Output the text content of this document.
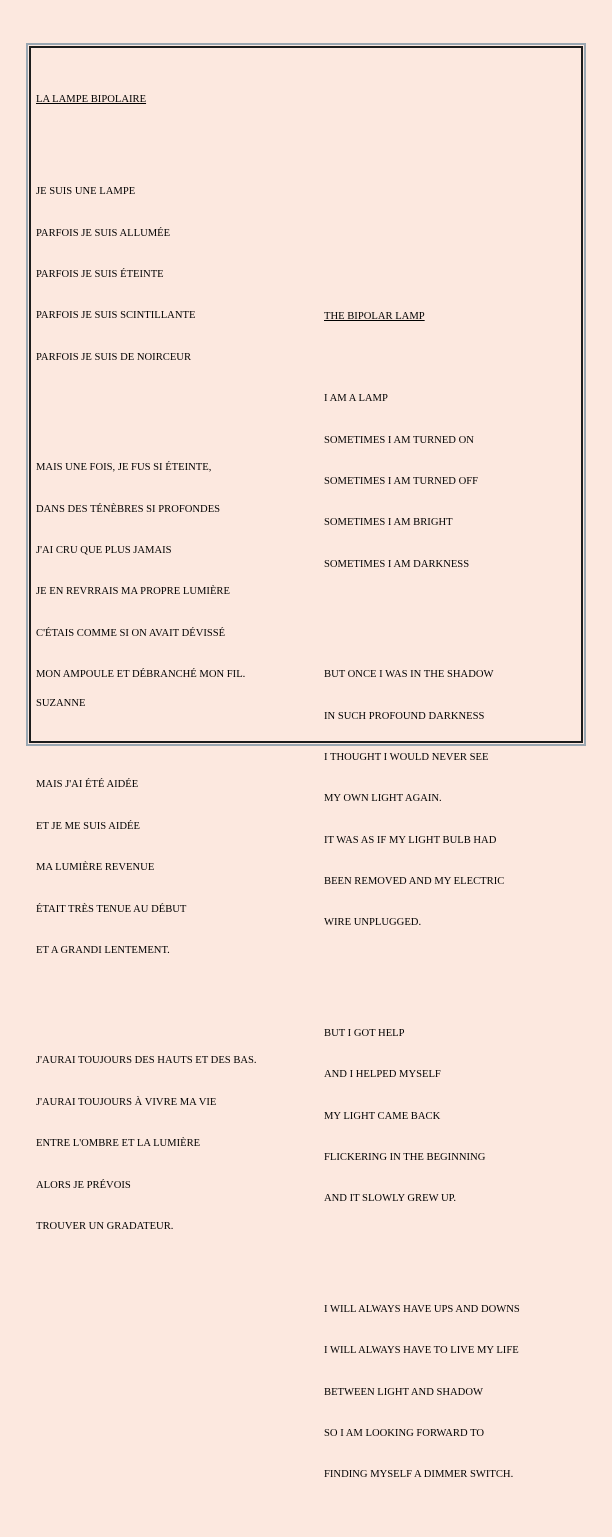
LA LAMPE BIPOLAIRE

JE SUIS UNE LAMPE

PARFOIS JE SUIS ALLUMÉE

PARFOIS JE SUIS ÉTEINTE

PARFOIS JE SUIS SCINTILLANTE

PARFOIS JE SUIS DE NOIRCEUR

MAIS UNE FOIS, JE FUS SI ÉTEINTE,

DANS DES TÉNÈBRES SI PROFONDES

J'AI CRU QUE PLUS JAMAIS

JE EN REVRRAIS MA PROPRE LUMIÈRE

C'ÉTAIS COMME SI ON AVAIT DÉVISSÉ

MON AMPOULE ET DÉBRANCHÉ MON FIL.

MAIS J'AI ÉTÉ AIDÉE

ET JE ME SUIS AIDÉE

MA LUMIÈRE REVENUE

ÉTAIT TRÈS TENUE AU DÉBUT

ET A GRANDI LENTEMENT.

J'AURAI TOUJOURS DES HAUTS ET DES BAS.

J'AURAI TOUJOURS À VIVRE MA VIE

ENTRE L'OMBRE ET LA LUMIÈRE

ALORS JE PRÉVOIS

TROUVER UN GRADATEUR.

THE BIPOLAR LAMP

I AM A LAMP

SOMETIMES I AM TURNED ON

SOMETIMES I AM TURNED OFF

SOMETIMES I AM BRIGHT

SOMETIMES I AM DARKNESS

BUT ONCE I WAS IN THE SHADOW

IN SUCH PROFOUND DARKNESS

I THOUGHT I WOULD NEVER SEE

MY OWN LIGHT AGAIN.

IT WAS AS IF MY LIGHT BULB HAD

BEEN REMOVED AND MY ELECTRIC

WIRE UNPLUGGED.

BUT I GOT HELP

AND I HELPED MYSELF

MY LIGHT CAME BACK

FLICKERING IN THE BEGINNING

AND IT SLOWLY GREW UP.

I WILL ALWAYS HAVE UPS AND DOWNS

I WILL ALWAYS HAVE TO LIVE MY LIFE

BETWEEN LIGHT AND SHADOW

SO I AM LOOKING FORWARD TO

FINDING MYSELF A DIMMER SWITCH.

SUZANNE
